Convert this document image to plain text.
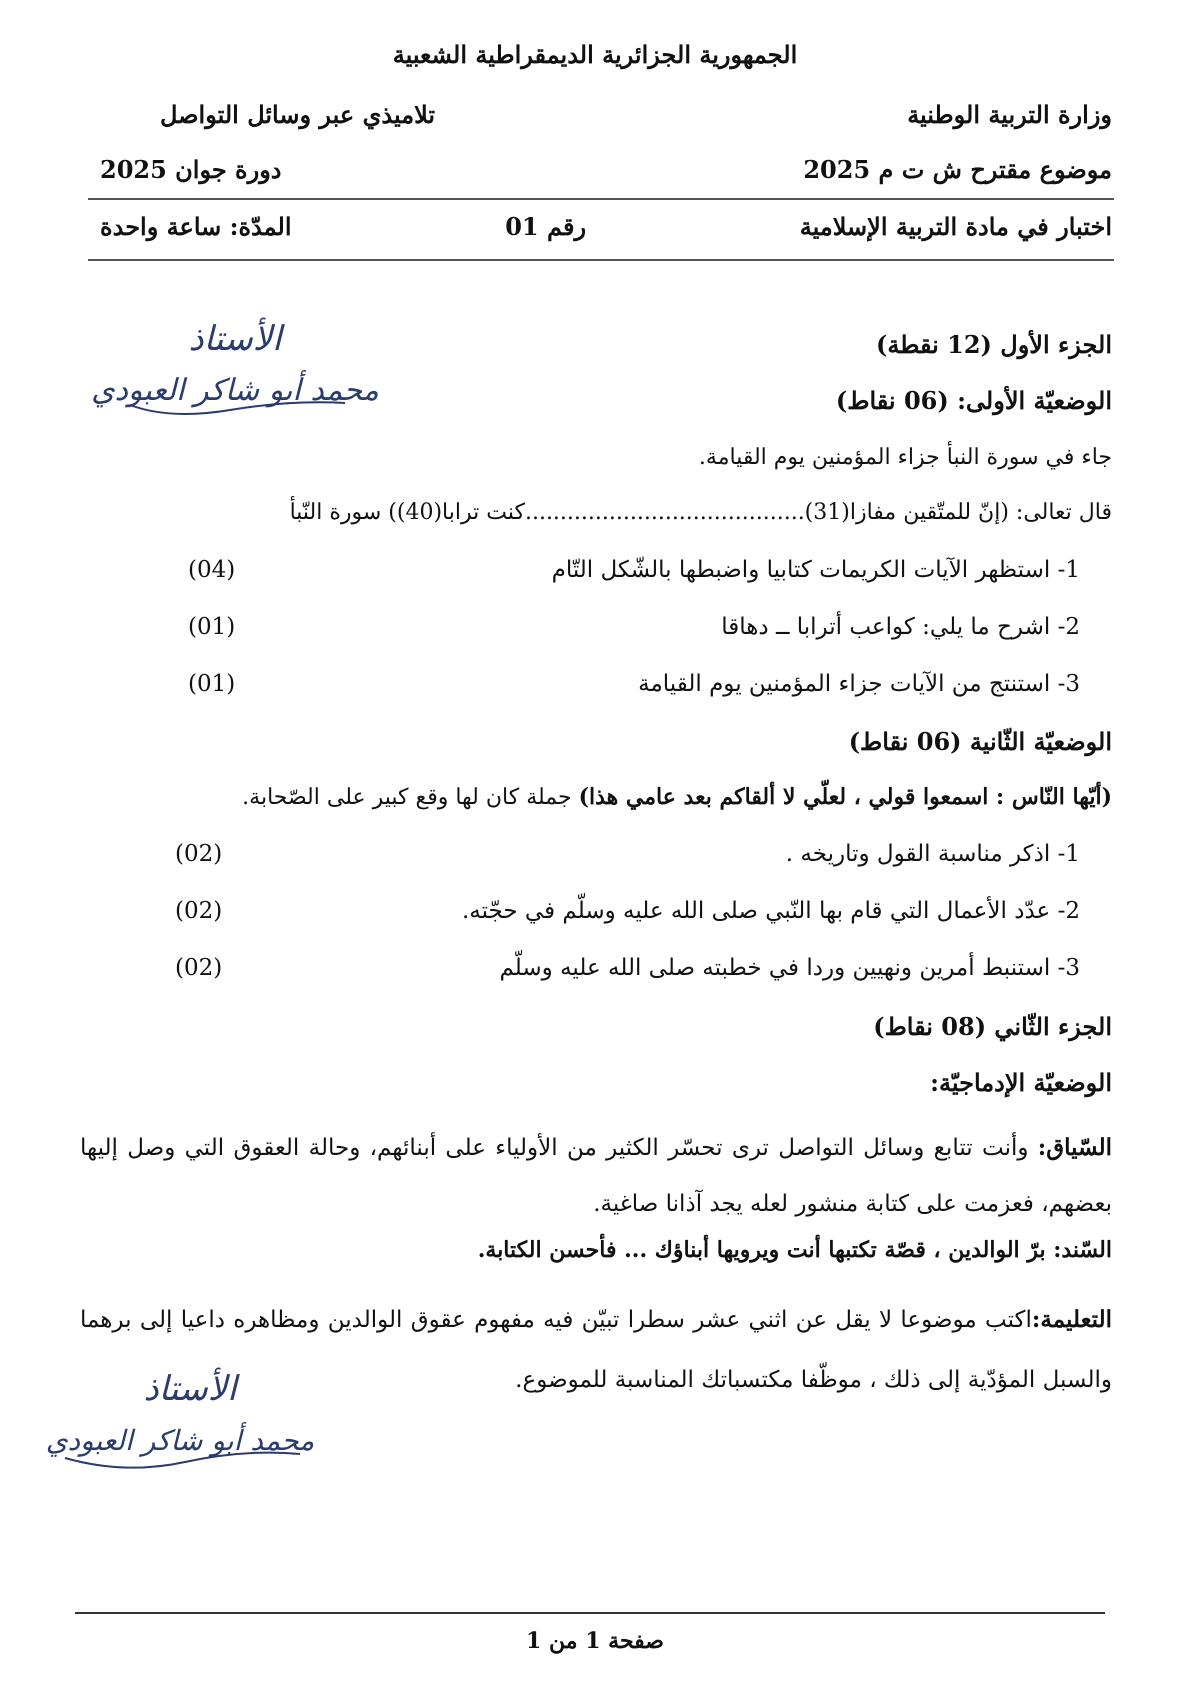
الجمهورية الجزائرية الديمقراطية الشعبية
وزارة التربية الوطنية
تلاميذي عبر وسائل التواصل
موضوع مقترح ش ت م 2025
دورة جوان 2025
اختبار في مادة التربية الإسلامية
رقم 01
المدّة: ساعة واحدة
الأستاذ
محمد أبو شاكر العبودي
الجزء الأول (12 نقطة)
الوضعيّة الأولى: (06 نقاط)
جاء في سورة النبأ جزاء المؤمنين يوم القيامة.
قال تعالى: (إنّ للمتّقين مفازا(31)........................................كنت ترابا(40)) سورة النّبأ
1- استظهر الآيات الكريمات كتابيا واضبطها بالشّكل التّام
(04)
2- اشرح ما يلي: كواعب أترابا ــ دهاقا
(01)
3- استنتج من الآيات جزاء المؤمنين يوم القيامة
(01)
الوضعيّة الثّانية (06 نقاط)
(أيّها النّاس : اسمعوا قولي ، لعلّي لا ألقاكم بعد عامي هذا) جملة كان لها وقع كبير على الصّحابة.
1- اذكر مناسبة القول وتاريخه .
(02)
2- عدّد الأعمال التي قام بها النّبي صلى الله عليه وسلّم في حجّته.
(02)
3- استنبط أمرين ونهيين وردا في خطبته صلى الله عليه وسلّم
(02)
الجزء الثّاني (08 نقاط)
الوضعيّة الإدماجيّة:
السّياق: وأنت تتابع وسائل التواصل ترى تحسّر الكثير من الأولياء على أبنائهم، وحالة العقوق التي وصل إليها بعضهم، فعزمت على كتابة منشور لعله يجد آذانا صاغية.
السّند: برّ الوالدين ، قصّة تكتبها أنت ويرويها أبناؤك ... فأحسن الكتابة.
التعليمة:اكتب موضوعا لا يقل عن اثني عشر سطرا تبيّن فيه مفهوم عقوق الوالدين ومظاهره داعيا إلى برهما والسبل المؤدّية إلى ذلك ، موظّفا مكتسباتك المناسبة للموضوع.
الأستاذ
محمد أبو شاكر العبودي
صفحة 1 من 1
